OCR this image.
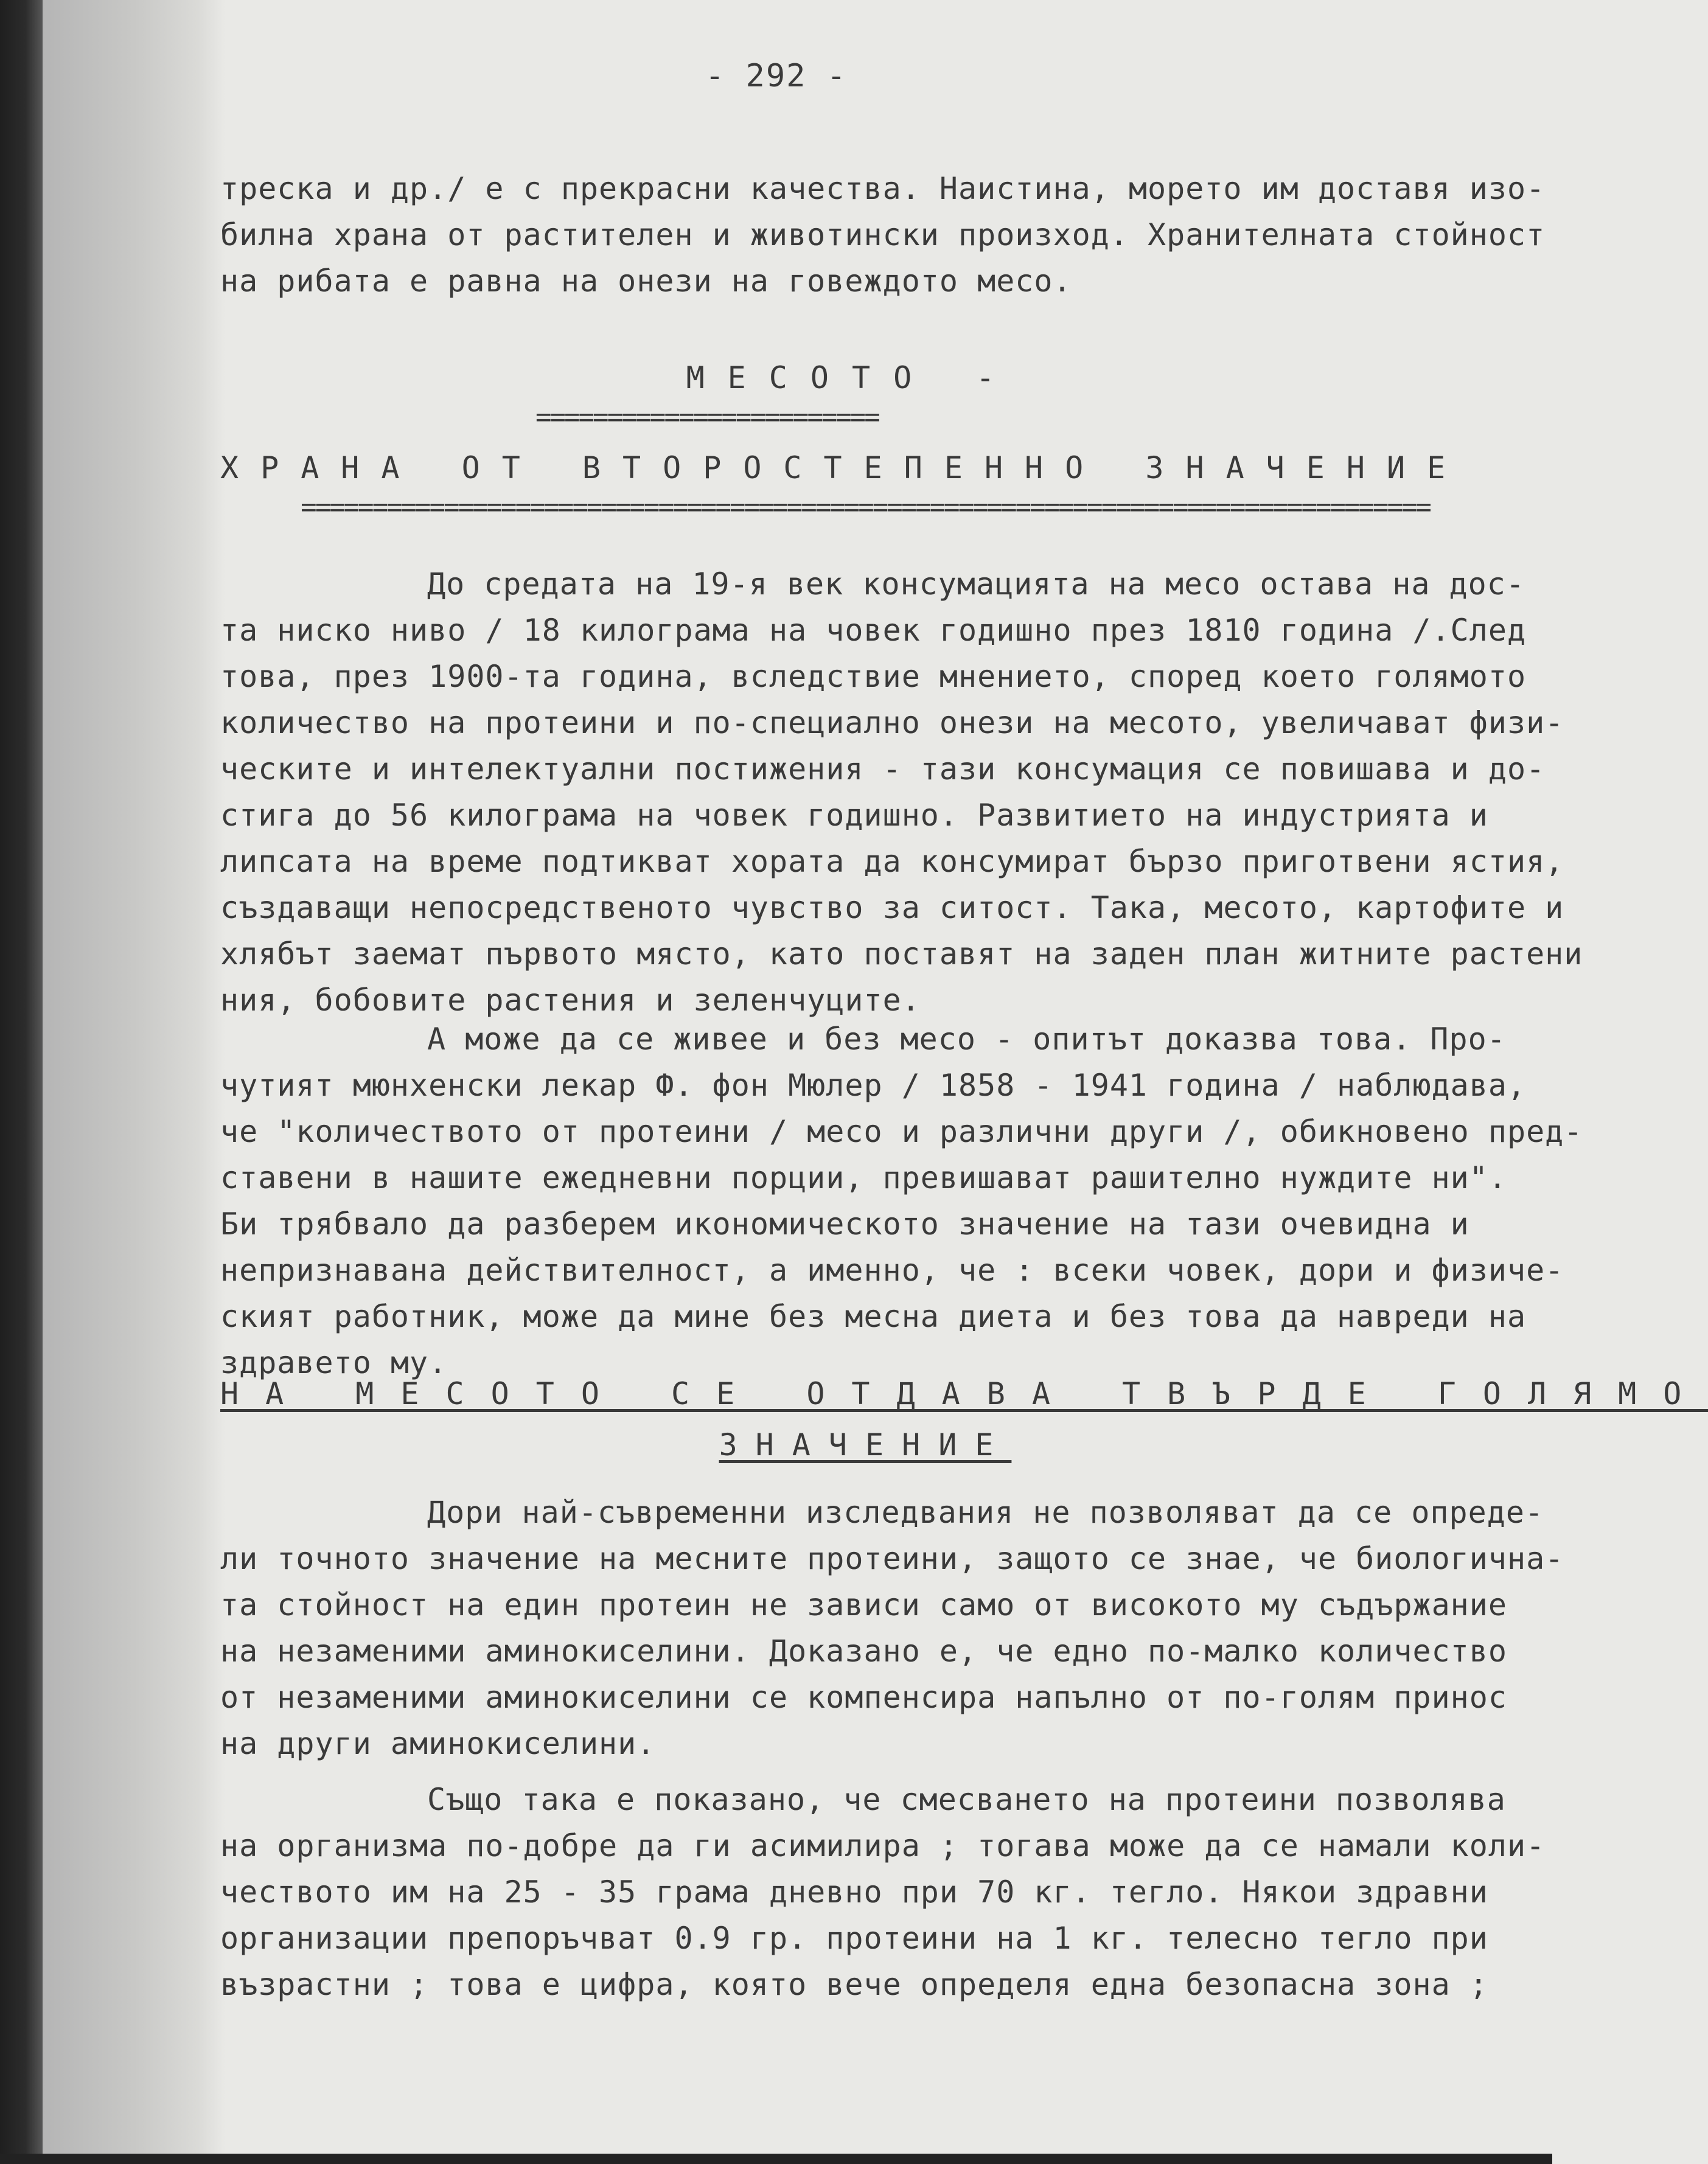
- 292 -
треска и др./ е с прекрасни качества. Наистина, морето им доставя изо-
билна храна от растителен и животински произход. Хранителната стойност
на рибата е равна на онези на говеждото месо.
МЕСОТО -
========================
ХРАНА ОТ ВТОРОСТЕПЕННО ЗНАЧЕНИЕ
===============================================================================
До средата на 19-я век консумацията на месо остава на дос-
та ниско ниво / 18 килограма на човек годишно през 1810 година /.След
това, през 1900-та година, вследствие мнението, според което голямото
количество на протеини и по-специално онези на месото, увеличават физи-
ческите и интелектуални постижения - тази консумация се повишава и до-
стига до 56 килограма на човек годишно. Развитието на индустрията и
липсата на време подтикват хората да консумират бързо приготвени ястия,
създаващи непосредственото чувство за ситост. Така, месото, картофите и
хлябът заемат първото място, като поставят на заден план житните растени
ния, бобовите растения и зеленчуците.
А може да се живее и без месо - опитът доказва това. Про-
чутият мюнхенски лекар Ф. фон Мюлер / 1858 - 1941 година / наблюдава,
че "количеството от протеини / месо и различни други /, обикновено пред-
ставени в нашите ежедневни порции, превишават рашително нуждите ни".
Би трябвало да разберем икономическото значение на тази очевидна и
непризнавана действителност, а именно, че : всеки човек, дори и физиче-
ският работник, може да мине без месна диета и без това да навреди на
здравето му.
НА МЕСОТО СЕ ОТДАВА ТВЪРДЕ ГОЛЯМО
ЗНАЧЕНИЕ
Дори най-съвременни изследвания не позволяват да се опреде-
ли точното значение на месните протеини, защото се знае, че биологична-
та стойност на един протеин не зависи само от високото му съдържание
на незаменими аминокиселини. Доказано е, че едно по-малко количество
от незаменими аминокиселини се компенсира напълно от по-голям принос
на други аминокиселини.
Също така е показано, че смесването на протеини позволява
на организма по-добре да ги асимилира ; тогава може да се намали коли-
чеството им на 25 - 35 грама дневно при 70 кг. тегло. Някои здравни
организации препоръчват 0.9 гр. протеини на 1 кг. телесно тегло при
възрастни ; това е цифра, която вече определя една безопасна зона ;
